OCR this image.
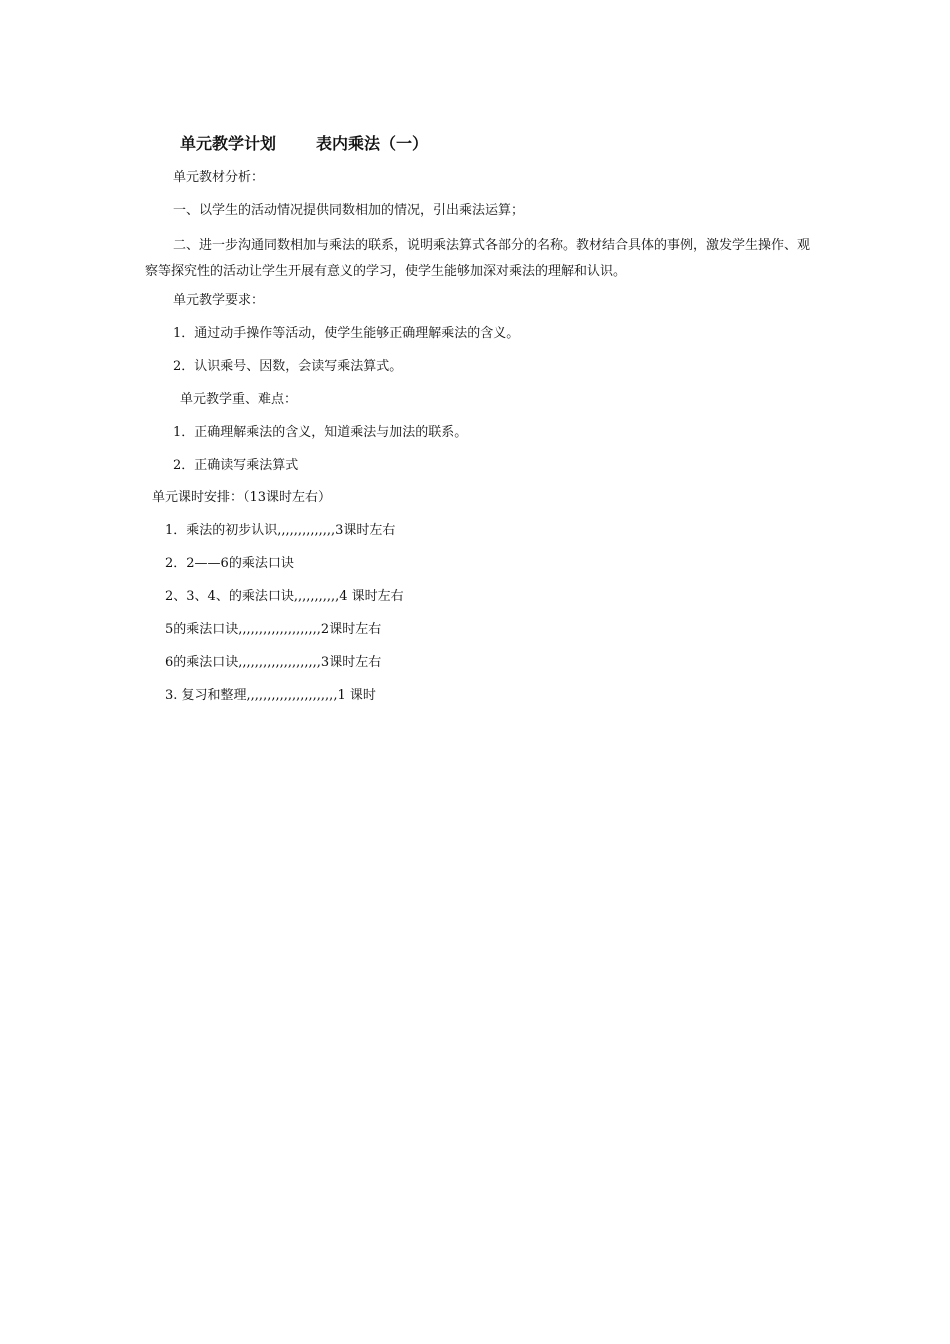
单元教学计划	表内乘法（一）
单元教材分析：
一、以学生的活动情况提供同数相加的情况，引出乘法运算；
二、进一步沟通同数相加与乘法的联系，说明乘法算式各部分的名称。教材结合具体的事例，激发学生操作、观察等探究性的活动让学生开展有意义的学习，使学生能够加深对乘法的理解和认识。
单元教学要求：
1．通过动手操作等活动，使学生能够正确理解乘法的含义。
2．认识乘号、因数，会读写乘法算式。
单元教学重、难点：
1．正确理解乘法的含义，知道乘法与加法的联系。
2．正确读写乘法算式
单元课时安排：（13课时左右）
1．乘法的初步认识,,,,,,,,,,,,,,3课时左右
2．2——6的乘法口诀
2、3、4、的乘法口诀,,,,,,,,,,,4 课时左右
5的乘法口诀,,,,,,,,,,,,,,,,,,,,2课时左右
6的乘法口诀,,,,,,,,,,,,,,,,,,,,3课时左右
3. 复习和整理,,,,,,,,,,,,,,,,,,,,,,1 课时
